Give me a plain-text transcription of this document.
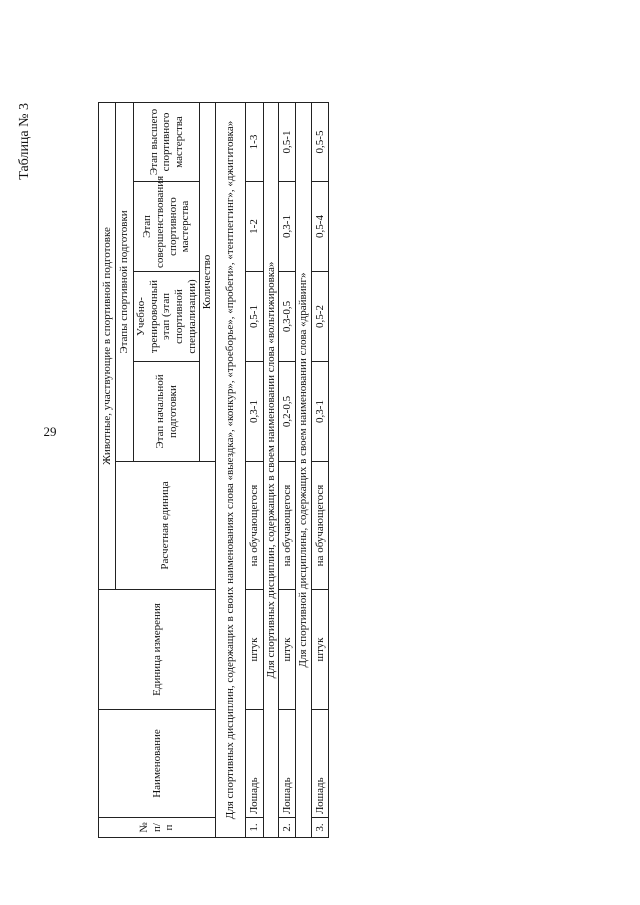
29
Таблица № 3
№ п/п	Наименование	Единица измерения	Животные, участвующие в спортивной подготовке				
			Расчетная единица	Этапы спортивной подготовки			
				Этап начальной подготовки	Учебно-тренировочный этап (этап спортивной специализации)	Этап совершенствования спортивного мастерства	Этап высшего спортивного мастерства
				Количество			
Для спортивных дисциплин, содержащих в своих наименованиях слова «выездка», «конкур», «троеборье», «пробеги», «тентпеггинг», «джигитовка»							
1.	Лошадь	штук	на обучающегося	0,3-1	0,5-1	1-2	1-3
Для спортивных дисциплин, содержащих в своем наименовании слова «вольтижировка»							
2.	Лошадь	штук	на обучающегося	0,2-0,5	0,3-0,5	0,3-1	0,5-1
Для спортивной дисциплины, содержащих в своем наименовании слова «драйвинг»							
3.	Лошадь	штук	на обучающегося	0,3-1	0,5-2	0,5-4	0,5-5
